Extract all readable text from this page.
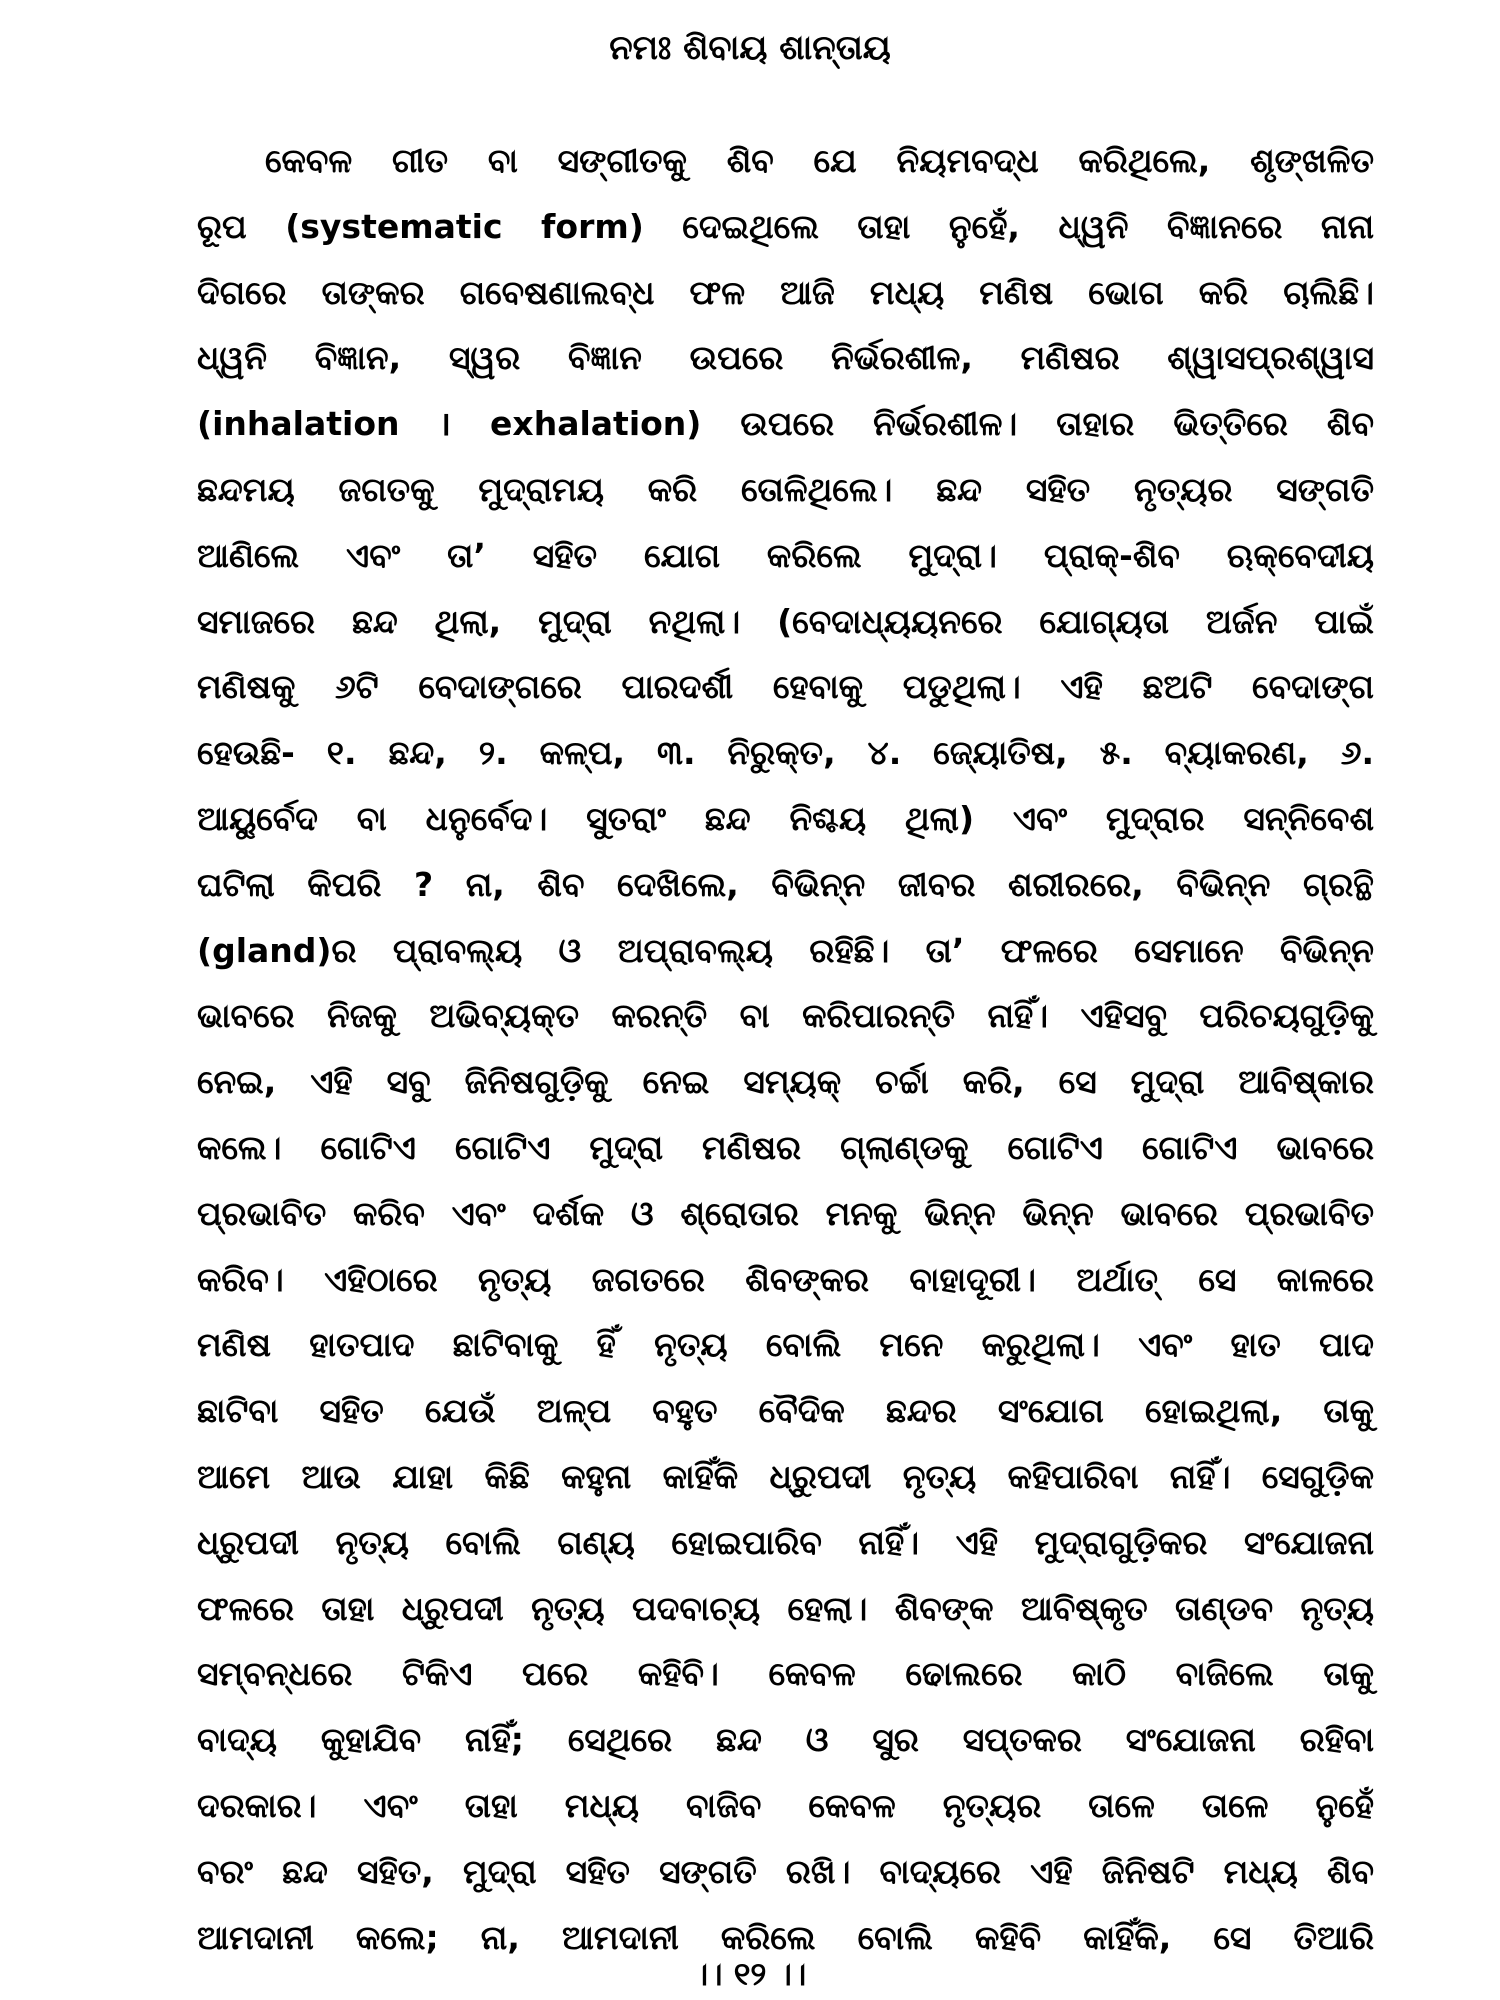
ନମଃ ଶିବାୟ ଶାନ୍ତାୟ
କେବଳ ଗୀତ ବା ସଙ୍ଗୀତକୁ ଶିବ ଯେ ନିୟମବଦ୍ଧ କରିଥିଲେ, ଶୃଙ୍ଖଳିତ
ରୂପ (systematic form) ଦେଇଥିଲେ ତାହା ନୁହେଁ, ଧ୍ୱନି ବିଜ୍ଞାନରେ ନାନା
ଦିଗରେ ତାଙ୍କର ଗବେଷଣାଲବ୍ଧ ଫଳ ଆଜି ମଧ୍ୟ ମଣିଷ ଭୋଗ କରି ଚାଲିଛି।
ଧ୍ୱନି ବିଜ୍ଞାନ, ସ୍ୱର ବିଜ୍ଞାନ ଉପରେ ନିର୍ଭରଶୀଳ, ମଣିଷର ଶ୍ୱାସପ୍ରଶ୍ୱାସ
(inhalation । exhalation) ଉପରେ ନିର୍ଭରଶୀଳ। ତାହାର ଭିତ୍ତିରେ ଶିବ
ଛନ୍ଦମୟ ଜଗତକୁ ମୁଦ୍ରାମୟ କରି ତୋଳିଥିଲେ। ଛନ୍ଦ ସହିତ ନୃତ୍ୟର ସଙ୍ଗତି
ଆଣିଲେ ଏବଂ ତା’ ସହିତ ଯୋଗ କରିଲେ ମୁଦ୍ରା। ପ୍ରାକ୍-ଶିବ ଋକ୍‌ବେଦୀୟ
ସମାଜରେ ଛନ୍ଦ ଥିଲା, ମୁଦ୍ରା ନଥିଲା। (ବେଦାଧ୍ୟୟନରେ ଯୋଗ୍ୟତା ଅର୍ଜନ ପାଇଁ
ମଣିଷକୁ ୬ଟି ବେଦାଙ୍ଗରେ ପାରଦର୍ଶୀ ହେବାକୁ ପଡୁଥିଲା। ଏହି ଛଅଟି ବେଦାଙ୍ଗ
ହେଉଛି- ୧. ଛନ୍ଦ, ୨. କଳ୍ପ, ୩. ନିରୁକ୍ତ, ୪. ଜ୍ୟୋତିଷ, ୫. ବ୍ୟାକରଣ, ୬.
ଆୟୁର୍ବେଦ ବା ଧନୁର୍ବେଦ। ସୁତରାଂ ଛନ୍ଦ ନିଶ୍ଚୟ ଥିଲା) ଏବଂ ମୁଦ୍ରାର ସନ୍ନିବେଶ
ଘଟିଲା କିପରି ? ନା, ଶିବ ଦେଖିଲେ, ବିଭିନ୍ନ ଜୀବର ଶରୀରରେ, ବିଭିନ୍ନ ଗ୍ରନ୍ଥି
(gland)ର ପ୍ରାବଲ୍ୟ ଓ ଅପ୍ରାବଲ୍ୟ ରହିଛି। ତା’ ଫଳରେ ସେମାନେ ବିଭିନ୍ନ
ଭାବରେ ନିଜକୁ ଅଭିବ୍ୟକ୍ତ କରନ୍ତି ବା କରିପାରନ୍ତି ନାହିଁ। ଏହିସବୁ ପରିଚୟଗୁଡ଼ିକୁ
ନେଇ, ଏହି ସବୁ ଜିନିଷଗୁଡ଼ିକୁ ନେଇ ସମ୍ୟକ୍ ଚର୍ଚ୍ଚା କରି, ସେ ମୁଦ୍ରା ଆବିଷ୍କାର
କଲେ। ଗୋଟିଏ ଗୋଟିଏ ମୁଦ୍ରା ମଣିଷର ଗ୍ଲାଣ୍ଡକୁ ଗୋଟିଏ ଗୋଟିଏ ଭାବରେ
ପ୍ରଭାବିତ କରିବ ଏବଂ ଦର୍ଶକ ଓ ଶ୍ରୋତାର ମନକୁ ଭିନ୍ନ ଭିନ୍ନ ଭାବରେ ପ୍ରଭାବିତ
କରିବ। ଏହିଠାରେ ନୃତ୍ୟ ଜଗତରେ ଶିବଙ୍କର ବାହାଦୂରୀ। ଅର୍ଥାତ୍ ସେ କାଳରେ
ମଣିଷ ହାତପାଦ ଛାଟିବାକୁ ହିଁ ନୃତ୍ୟ ବୋଲି ମନେ କରୁଥିଲା। ଏବଂ ହାତ ପାଦ
ଛାଟିବା ସହିତ ଯେଉଁ ଅଳ୍ପ ବହୁତ ବୈଦିକ ଛନ୍ଦର ସଂଯୋଗ ହୋଇଥିଲା, ତାକୁ
ଆମେ ଆଉ ଯାହା କିଛି କହୁନା କାହିଁକି ଧ୍ରୁପଦୀ ନୃତ୍ୟ କହିପାରିବା ନାହିଁ। ସେଗୁଡ଼ିକ
ଧ୍ରୁପଦୀ ନୃତ୍ୟ ବୋଲି ଗଣ୍ୟ ହୋଇପାରିବ ନାହିଁ। ଏହି ମୁଦ୍ରାଗୁଡ଼ିକର ସଂଯୋଜନା
ଫଳରେ ତାହା ଧ୍ରୁପଦୀ ନୃତ୍ୟ ପଦବାଚ୍ୟ ହେଲା। ଶିବଙ୍କ ଆବିଷ୍କୃତ ତାଣ୍ଡବ ନୃତ୍ୟ
ସମ୍ବନ୍ଧରେ ଟିକିଏ ପରେ କହିବି। କେବଳ ଢୋଲରେ କାଠି ବାଜିଲେ ତାକୁ
ବାଦ୍ୟ କୁହାଯିବ ନାହିଁ; ସେଥିରେ ଛନ୍ଦ ଓ ସୁର ସପ୍ତକର ସଂଯୋଜନା ରହିବା
ଦରକାର। ଏବଂ ତାହା ମଧ୍ୟ ବାଜିବ କେବଳ ନୃତ୍ୟର ତାଳେ ତାଳେ ନୁହେଁ
ବରଂ ଛନ୍ଦ ସହିତ, ମୁଦ୍ରା ସହିତ ସଙ୍ଗତି ରଖି। ବାଦ୍ୟରେ ଏହି ଜିନିଷଟି ମଧ୍ୟ ଶିବ
ଆମଦାନୀ କଲେ; ନା, ଆମଦାନୀ କରିଲେ ବୋଲି କହିବି କାହିଁକି, ସେ ତିଆରି
।। ୧୨ ।।
